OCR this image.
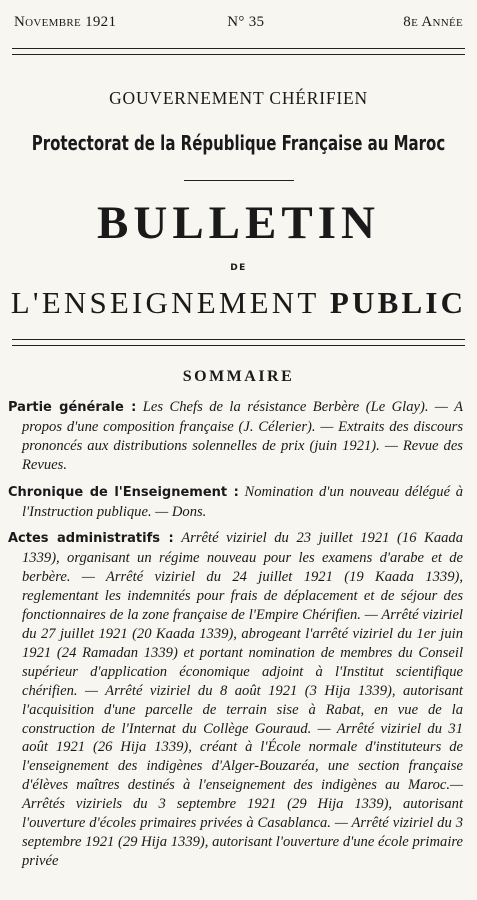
Novembre 1921	N° 35	8e Année
GOUVERNEMENT CHÉRIFIEN
Protectorat de la République Française au Maroc
BULLETIN
DE
L'ENSEIGNEMENT PUBLIC
SOMMAIRE

Partie générale : Les Chefs de la résistance Berbère (Le Glay). — A propos d'une composition française (J. Célerier). — Extraits des discours prononcés aux distributions solennelles de prix (juin 1921). — Revue des Revues.

Chronique de l'Enseignement : Nomination d'un nouveau délégué à l'Instruction publique. — Dons.

Actes administratifs : Arrêté viziriel du 23 juillet 1921 (16 Kaada 1339), organisant un régime nouveau pour les examens d'arabe et de berbère. — Arrêté viziriel du 24 juillet 1921 (19 Kaada 1339), reglementant les indemnités pour frais de déplacement et de séjour des fonctionnaires de la zone française de l'Empire Chérifien. — Arrêté viziriel du 27 juillet 1921 (20 Kaada 1339), abrogeant l'arrêté viziriel du 1er juin 1921 (24 Ramadan 1339) et portant nomination de membres du Conseil supérieur d'application économique adjoint à l'Institut scientifique chérifien. — Arrêté viziriel du 8 août 1921 (3 Hija 1339), autorisant l'acquisition d'une parcelle de terrain sise à Rabat, en vue de la construction de l'Internat du Collège Gouraud. — Arrêté viziriel du 31 août 1921 (26 Hija 1339), créant à l'École normale d'instituteurs de l'enseignement des indigènes d'Alger-Bouzaréa, une section française d'élèves maîtres destinés à l'enseignement des indigènes au Maroc.— Arrêtés viziriels du 3 septembre 1921 (29 Hija 1339), autorisant l'ouverture d'écoles primaires privées à Casablanca. — Arrêté viziriel du 3 septembre 1921 (29 Hija 1339), autorisant l'ouverture d'une école primaire privée
